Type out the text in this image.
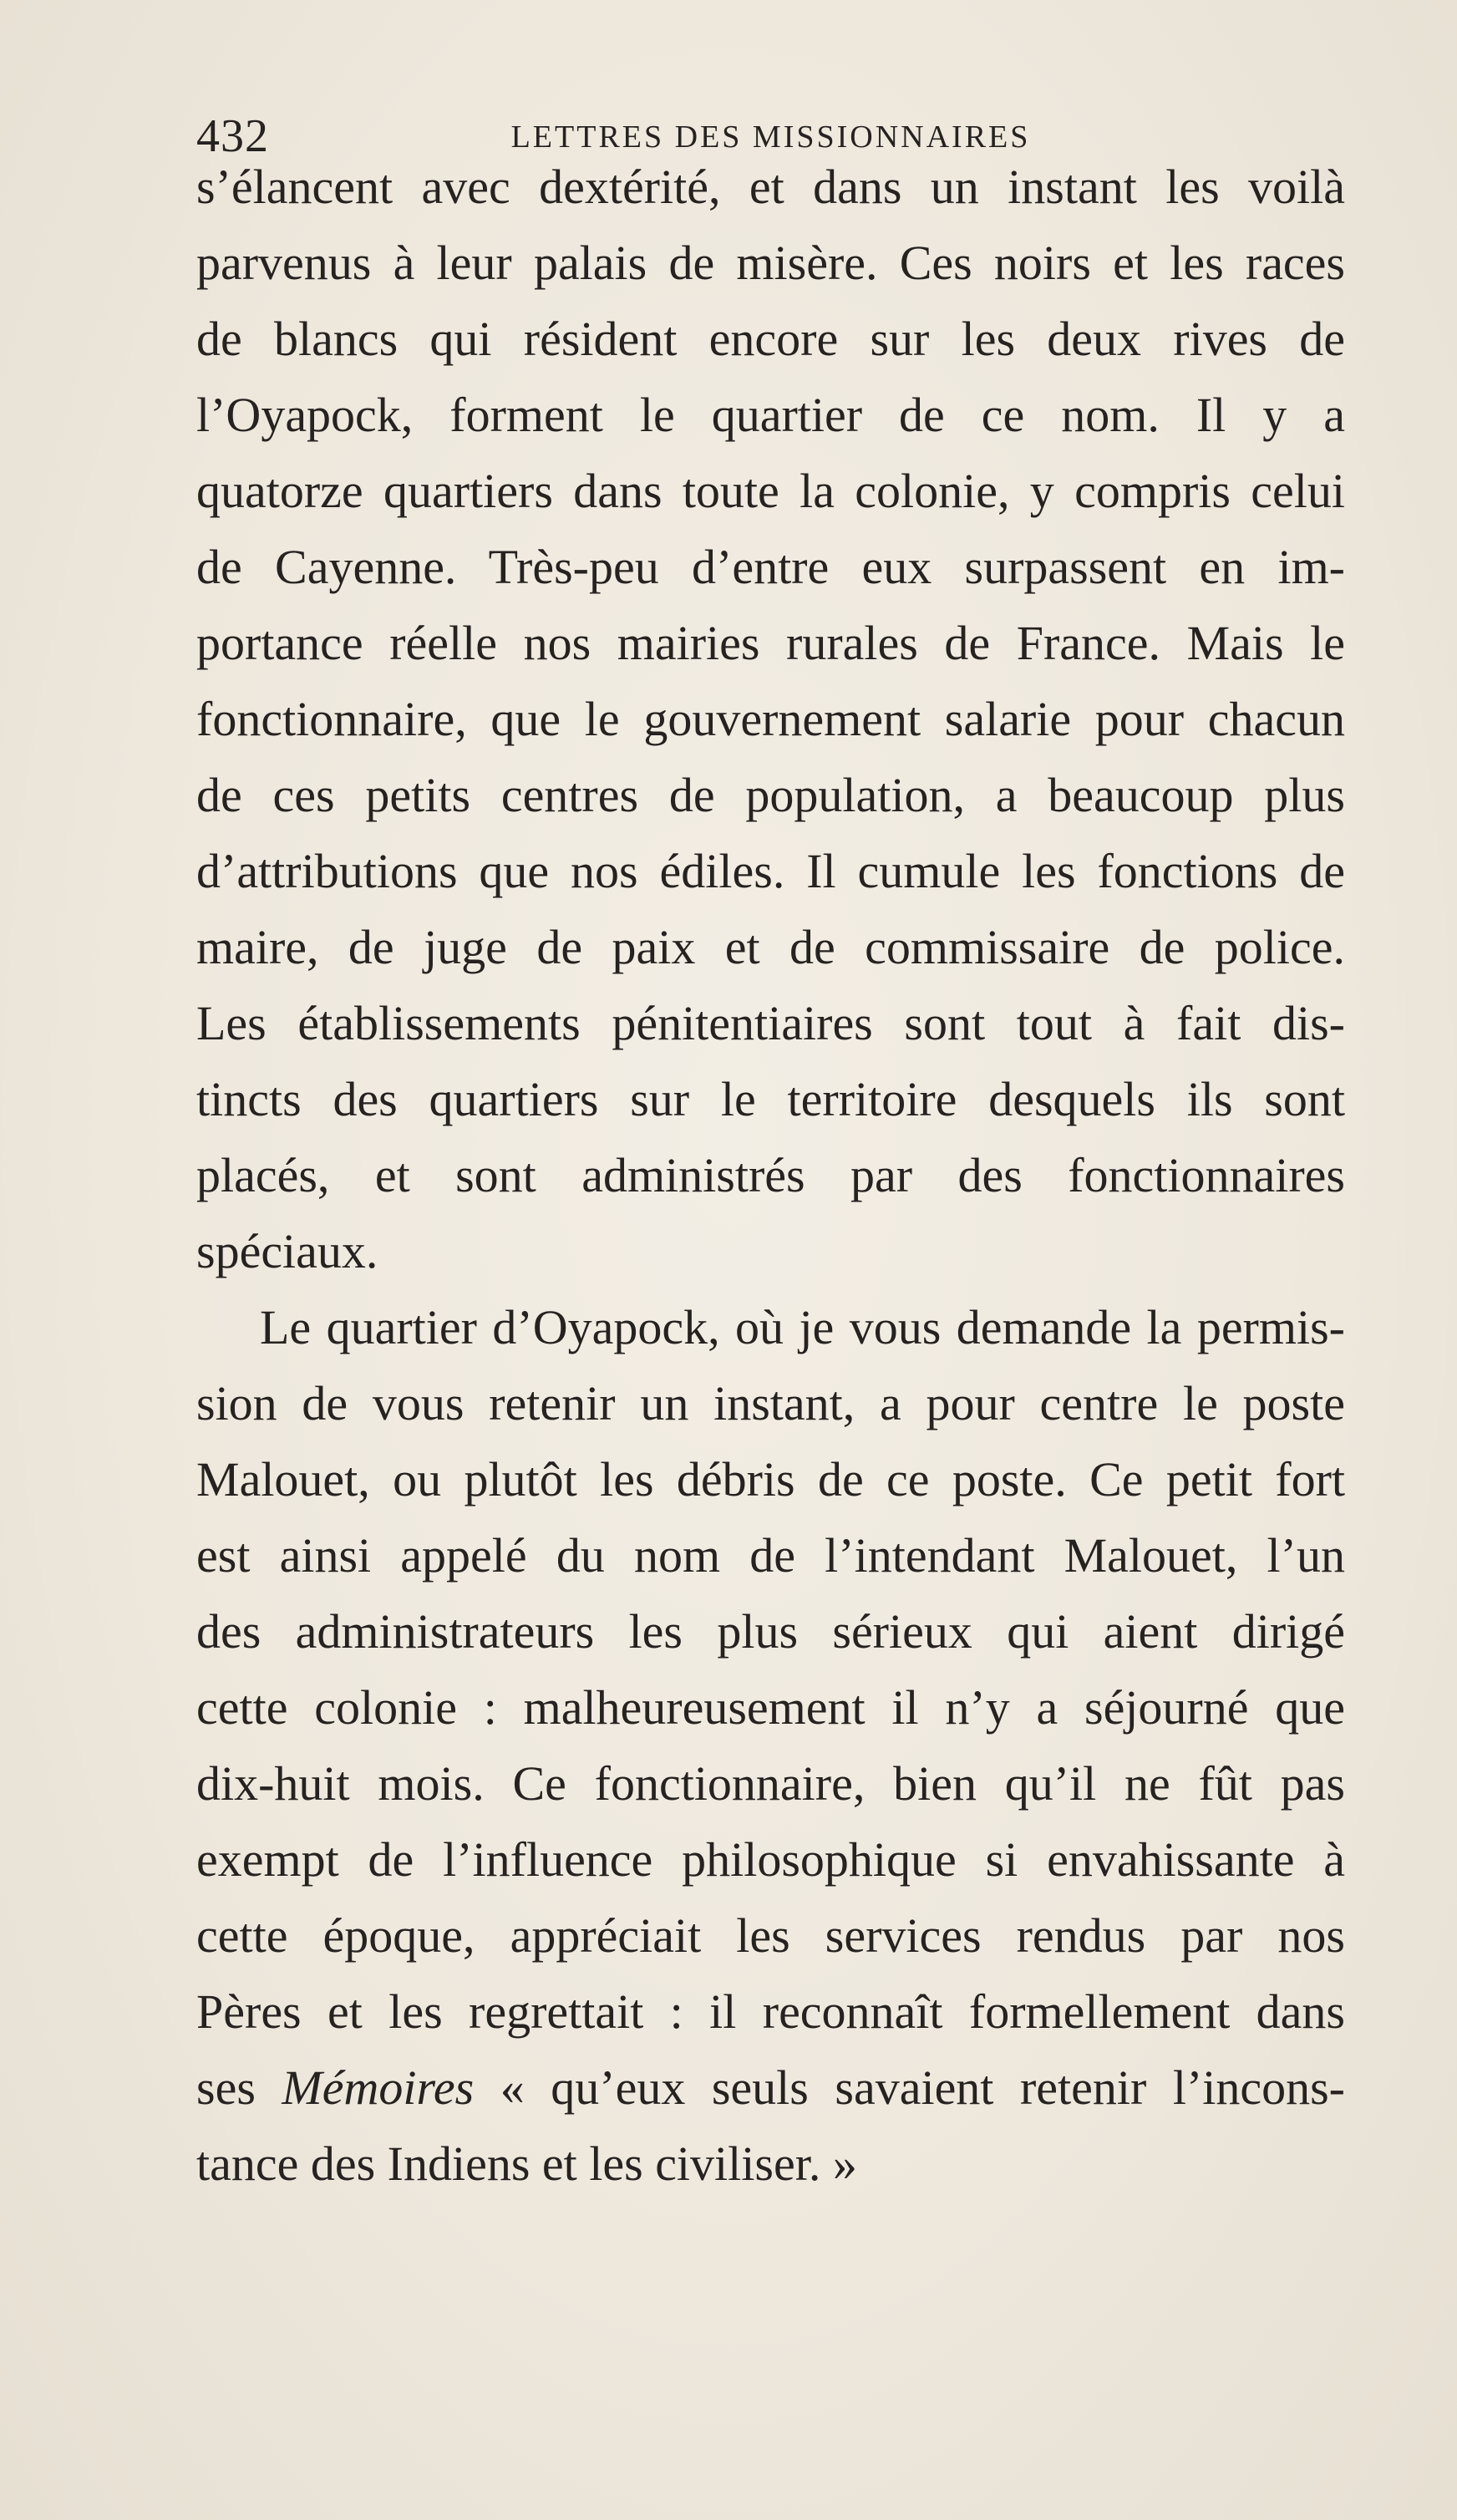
432	LETTRES DES MISSIONNAIRES
s’élancent avec dextérité, et dans un instant les voilà
parvenus à leur palais de misère. Ces noirs et les races
de blancs qui résident encore sur les deux rives de
l’Oyapock, forment le quartier de ce nom. Il y a
quatorze quartiers dans toute la colonie, y compris celui
de Cayenne. Très-peu d’entre eux surpassent en im-
portance réelle nos mairies rurales de France. Mais le
fonctionnaire, que le gouvernement salarie pour chacun
de ces petits centres de population, a beaucoup plus
d’attributions que nos édiles. Il cumule les fonctions de
maire, de juge de paix et de commissaire de police.
Les établissements pénitentiaires sont tout à fait dis-
tincts des quartiers sur le territoire desquels ils sont
placés, et sont administrés par des fonctionnaires
spéciaux.
Le quartier d’Oyapock, où je vous demande la permis-
sion de vous retenir un instant, a pour centre le poste
Malouet, ou plutôt les débris de ce poste. Ce petit fort
est ainsi appelé du nom de l’intendant Malouet, l’un
des administrateurs les plus sérieux qui aient dirigé
cette colonie : malheureusement il n’y a séjourné que
dix-huit mois. Ce fonctionnaire, bien qu’il ne fût pas
exempt de l’influence philosophique si envahissante à
cette époque, appréciait les services rendus par nos
Pères et les regrettait : il reconnaît formellement dans
ses Mémoires « qu’eux seuls savaient retenir l’incons-
tance des Indiens et les civiliser. »
